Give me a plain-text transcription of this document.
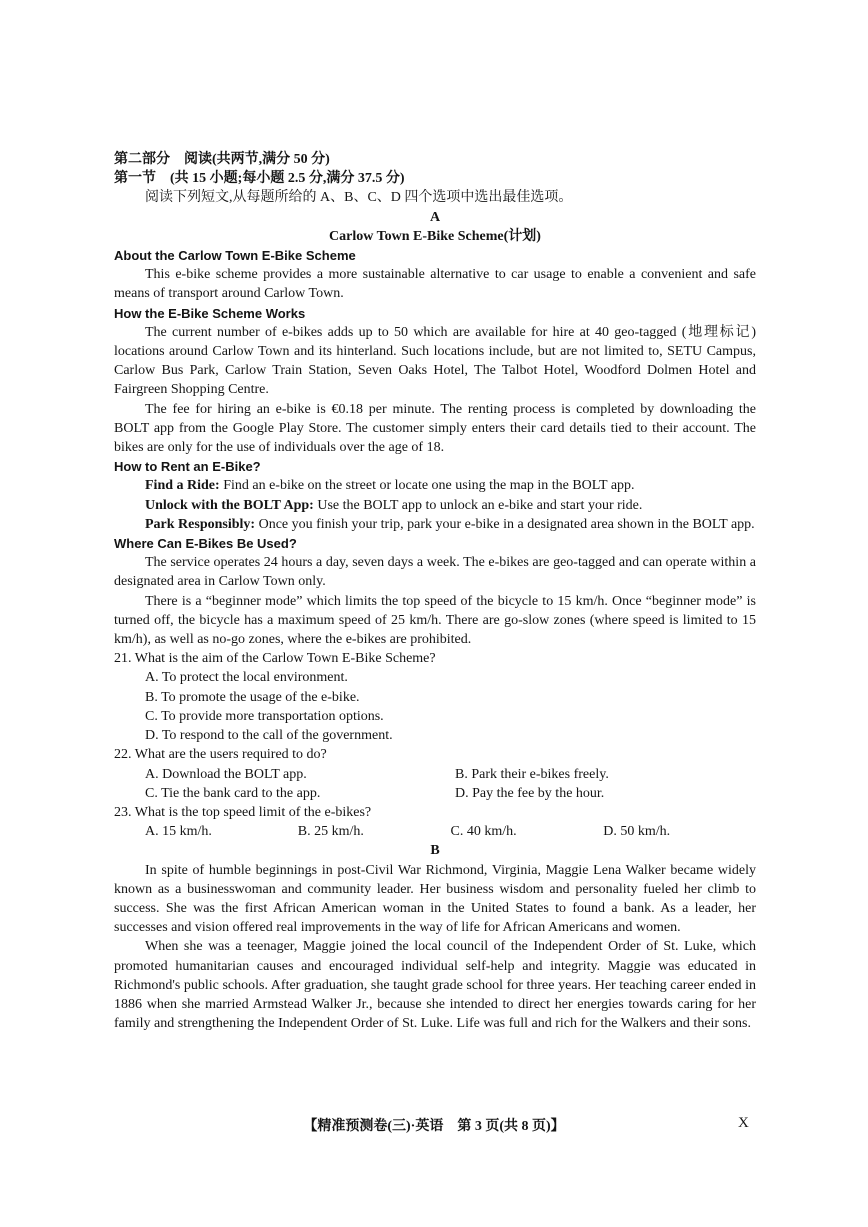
第二部分　阅读(共两节,满分 50 分)
第一节　(共 15 小题;每小题 2.5 分,满分 37.5 分)
阅读下列短文,从每题所给的 A、B、C、D 四个选项中选出最佳选项。
A
Carlow Town E-Bike Scheme(计划)
About the Carlow Town E-Bike Scheme

This e-bike scheme provides a more sustainable alternative to car usage to enable a convenient and safe means of transport around Carlow Town.

How the E-Bike Scheme Works

The current number of e-bikes adds up to 50 which are available for hire at 40 geo-tagged (地理标记) locations around Carlow Town and its hinterland. Such locations include, but are not limited to, SETU Campus, Carlow Bus Park, Carlow Train Station, Seven Oaks Hotel, The Talbot Hotel, Woodford Dolmen Hotel and Fairgreen Shopping Centre.

The fee for hiring an e-bike is €0.18 per minute. The renting process is completed by downloading the BOLT app from the Google Play Store. The customer simply enters their card details tied to their account. The bikes are only for the use of individuals over the age of 18.

How to Rent an E-Bike?

Find a Ride: Find an e-bike on the street or locate one using the map in the BOLT app.

Unlock with the BOLT App: Use the BOLT app to unlock an e-bike and start your ride.

Park Responsibly: Once you finish your trip, park your e-bike in a designated area shown in the BOLT app.

Where Can E-Bikes Be Used?

The service operates 24 hours a day, seven days a week. The e-bikes are geo-tagged and can operate within a designated area in Carlow Town only.

There is a “beginner mode” which limits the top speed of the bicycle to 15 km/h. Once “beginner mode” is turned off, the bicycle has a maximum speed of 25 km/h. There are go-slow zones (where speed is limited to 15 km/h), as well as no-go zones, where the e-bikes are prohibited.

21. What is the aim of the Carlow Town E-Bike Scheme?
A. To protect the local environment.
B. To promote the usage of the e-bike.
C. To provide more transportation options.
D. To respond to the call of the government.
22. What are the users required to do?
A. Download the BOLT app.	B. Park their e-bikes freely.
C. Tie the bank card to the app.	D. Pay the fee by the hour.
23. What is the top speed limit of the e-bikes?
A. 15 km/h.	B. 25 km/h.	C. 40 km/h.	D. 50 km/h.
B

In spite of humble beginnings in post-Civil War Richmond, Virginia, Maggie Lena Walker became widely known as a businesswoman and community leader. Her business wisdom and personality fueled her climb to success. She was the first African American woman in the United States to found a bank. As a leader, her successes and vision offered real improvements in the way of life for African Americans and women.

When she was a teenager, Maggie joined the local council of the Independent Order of St. Luke, which promoted humanitarian causes and encouraged individual self-help and integrity. Maggie was educated in Richmond's public schools. After graduation, she taught grade school for three years. Her teaching career ended in 1886 when she married Armstead Walker Jr., because she intended to direct her energies towards caring for her family and strengthening the Independent Order of St. Luke. Life was full and rich for the Walkers and their sons.

【精准预测卷(三)·英语　第 3 页(共 8 页)】	X
